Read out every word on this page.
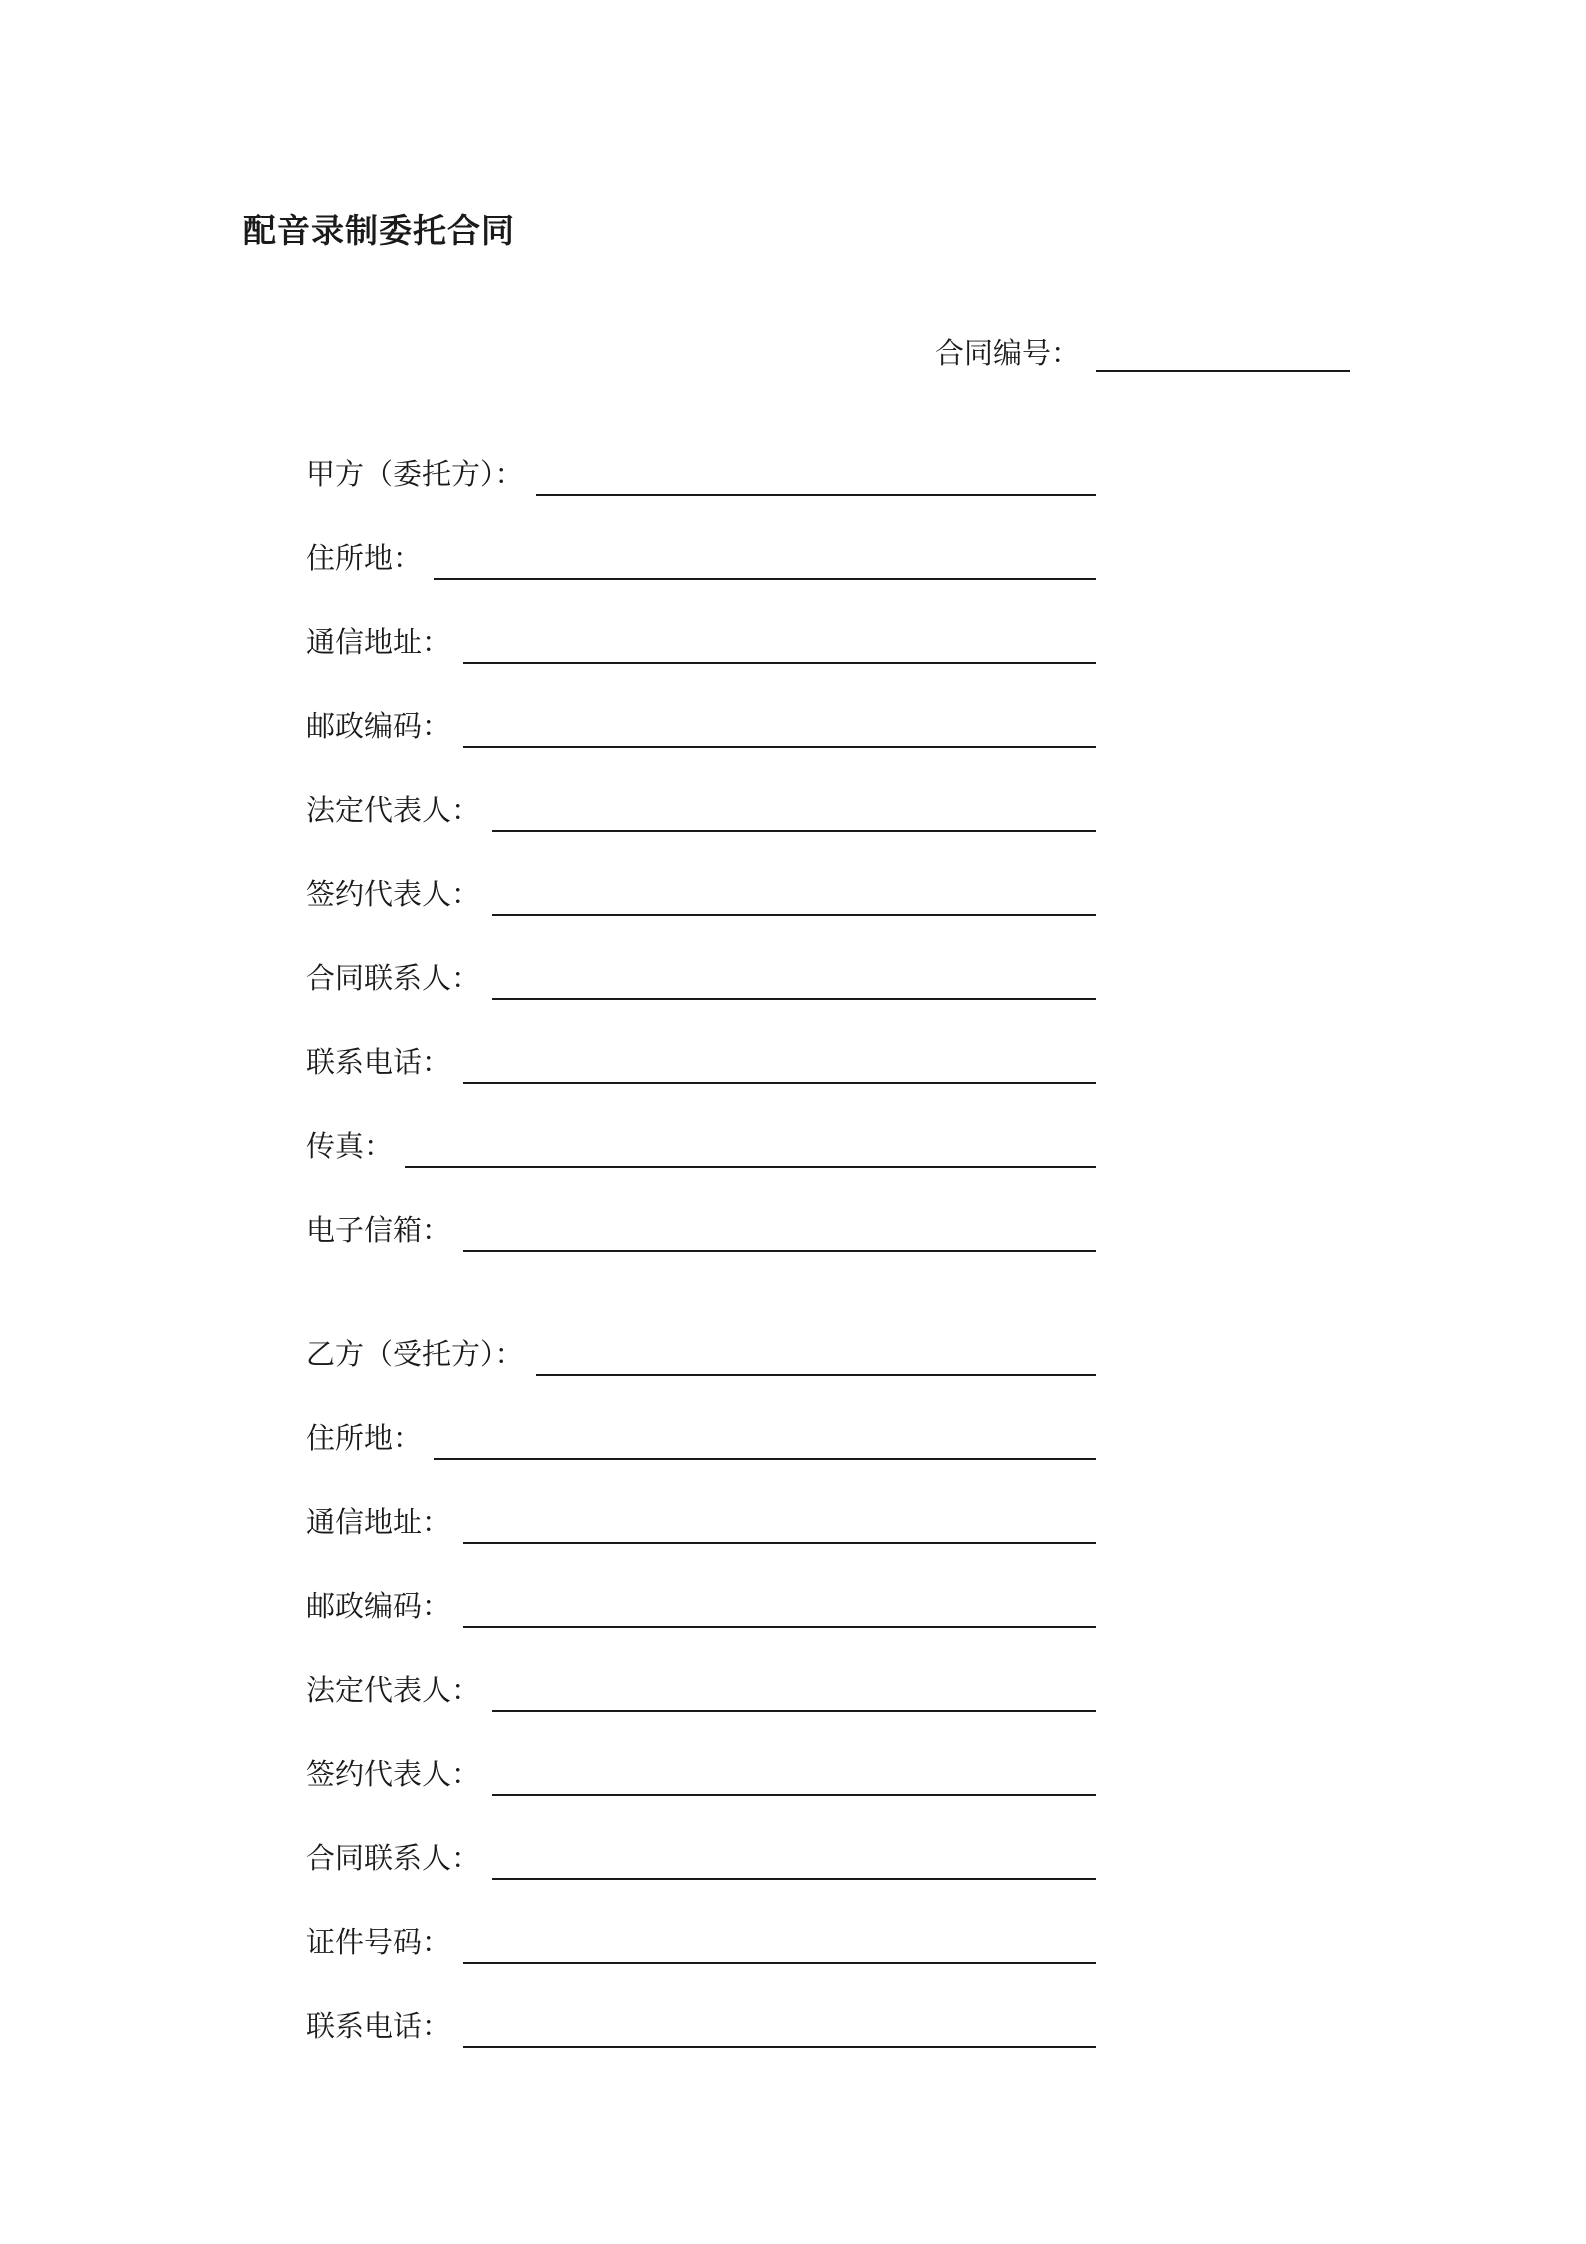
配音录制委托合同
合同编号：
甲方（委托方）：
住所地：
通信地址：
邮政编码：
法定代表人：
签约代表人：
合同联系人：
联系电话：
传真：
电子信箱：
乙方（受托方）：
住所地：
通信地址：
邮政编码：
法定代表人：
签约代表人：
合同联系人：
证件号码：
联系电话：
